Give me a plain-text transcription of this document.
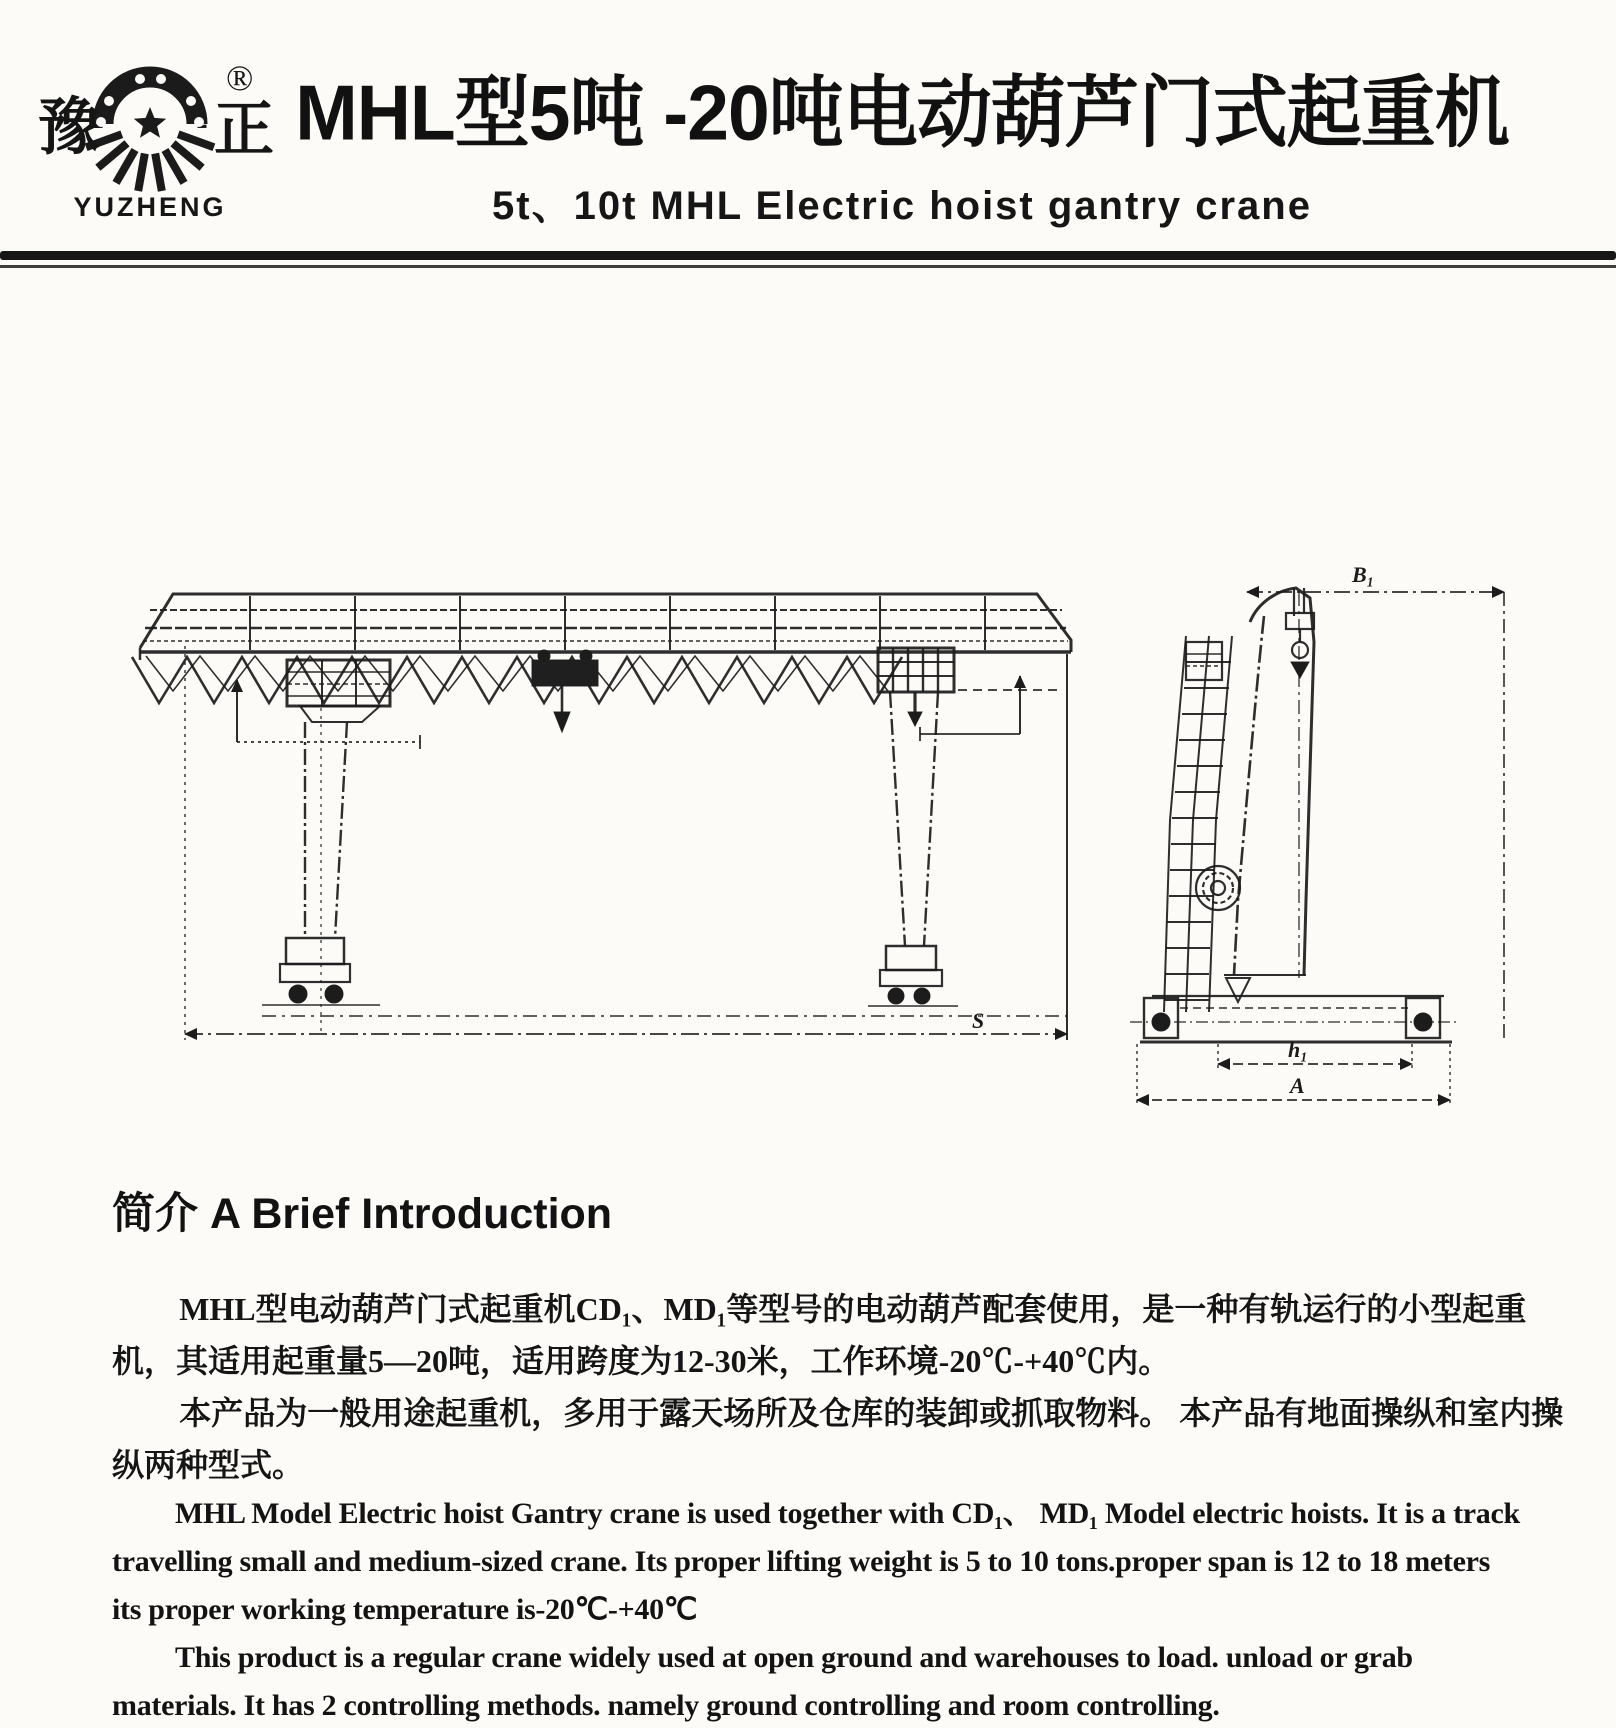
豫 正
®
YUZHENG
MHL型5吨 -20吨电动葫芦门式起重机
5t、10t MHL Electric hoist gantry crane
S
B₁
h₁
A
简介 A Brief Introduction
MHL型电动葫芦门式起重机CD₁、MD₁等型号的电动葫芦配套使用，是一种有轨运行的小型起重
机，其适用起重量5—20吨，适用跨度为12-30米，工作环境-20℃-+40℃内。
本产品为一般用途起重机，多用于露天场所及仓库的装卸或抓取物料。 本产品有地面操纵和室内操
纵两种型式。
MHL Model Electric hoist Gantry crane is used together with CD₁、 MD₁ Model electric hoists. It is a track
travelling small and medium-sized crane. Its proper lifting weight is 5 to 10 tons.proper span is 12 to 18 meters
its proper working temperature is-20℃-+40℃
This product is a regular crane widely used at open ground and warehouses to load. unload or grab
materials. It has 2 controlling methods. namely ground controlling and room controlling.
